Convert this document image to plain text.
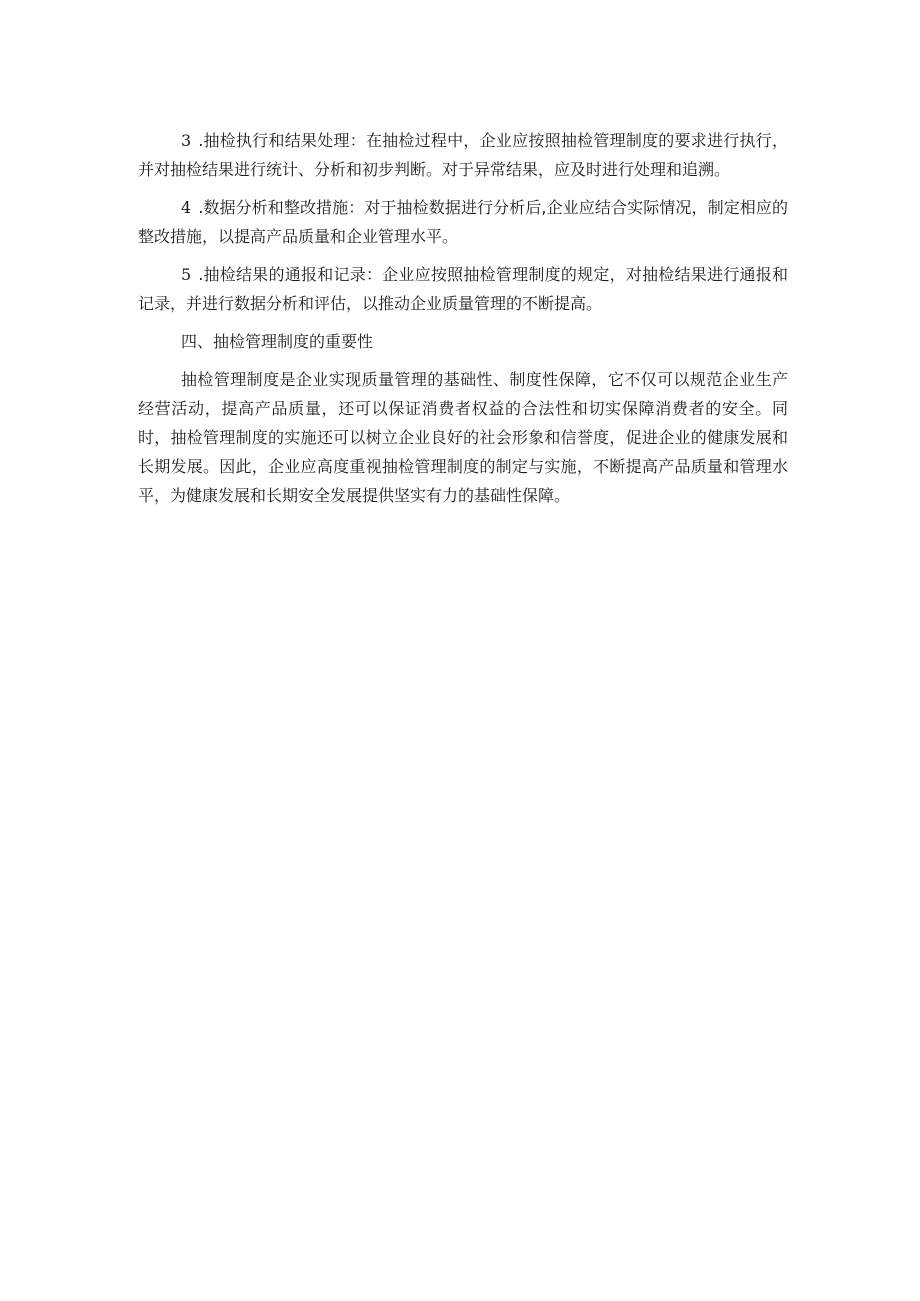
3 .抽检执行和结果处理：在抽检过程中，企业应按照抽检管理制度的要求进行执行，并对抽检结果进行统计、分析和初步判断。对于异常结果，应及时进行处理和追溯。

4 .数据分析和整改措施：对于抽检数据进行分析后,企业应结合实际情况，制定相应的整改措施，以提高产品质量和企业管理水平。

5 .抽检结果的通报和记录：企业应按照抽检管理制度的规定，对抽检结果进行通报和记录，并进行数据分析和评估，以推动企业质量管理的不断提高。

四、抽检管理制度的重要性

抽检管理制度是企业实现质量管理的基础性、制度性保障，它不仅可以规范企业生产经营活动，提高产品质量，还可以保证消费者权益的合法性和切实保障消费者的安全。同时，抽检管理制度的实施还可以树立企业良好的社会形象和信誉度，促进企业的健康发展和长期发展。因此，企业应高度重视抽检管理制度的制定与实施，不断提高产品质量和管理水平，为健康发展和长期安全发展提供坚实有力的基础性保障。
